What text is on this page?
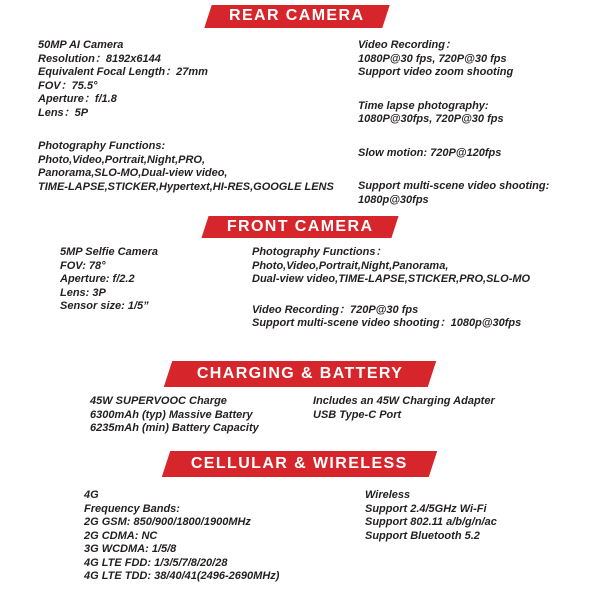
REAR CAMERA
50MP AI Camera
Resolution：8192x6144
Equivalent Focal Length：27mm
FOV：75.5°
Aperture：f/1.8
Lens：5P
Photography Functions:
Photo,Video,Portrait,Night,PRO,
Panorama,SLO-MO,Dual-view video,
TIME-LAPSE,STICKER,Hypertext,HI-RES,GOOGLE LENS
Video Recording：
1080P@30 fps, 720P@30 fps
Support video zoom shooting
Time lapse photography:
1080P@30fps, 720P@30 fps
Slow motion: 720P@120fps
Support multi-scene video shooting:
1080p@30fps
FRONT CAMERA
5MP Selfie Camera
FOV: 78°
Aperture: f/2.2
Lens: 3P
Sensor size: 1/5”
Photography Functions：
Photo,Video,Portrait,Night,Panorama,
Dual-view video,TIME-LAPSE,STICKER,PRO,SLO-MO
Video Recording：720P@30 fps
Support multi-scene video shooting：1080p@30fps
CHARGING & BATTERY
45W SUPERVOOC Charge
6300mAh (typ) Massive Battery
6235mAh (min) Battery Capacity
Includes an 45W Charging Adapter
USB Type-C Port
CELLULAR & WIRELESS
4G
Frequency Bands:
2G GSM: 850/900/1800/1900MHz
2G CDMA: NC
3G WCDMA: 1/5/8
4G LTE FDD: 1/3/5/7/8/20/28
4G LTE TDD: 38/40/41(2496-2690MHz)
Wireless
Support 2.4/5GHz Wi-Fi
Support 802.11 a/b/g/n/ac
Support Bluetooth 5.2
